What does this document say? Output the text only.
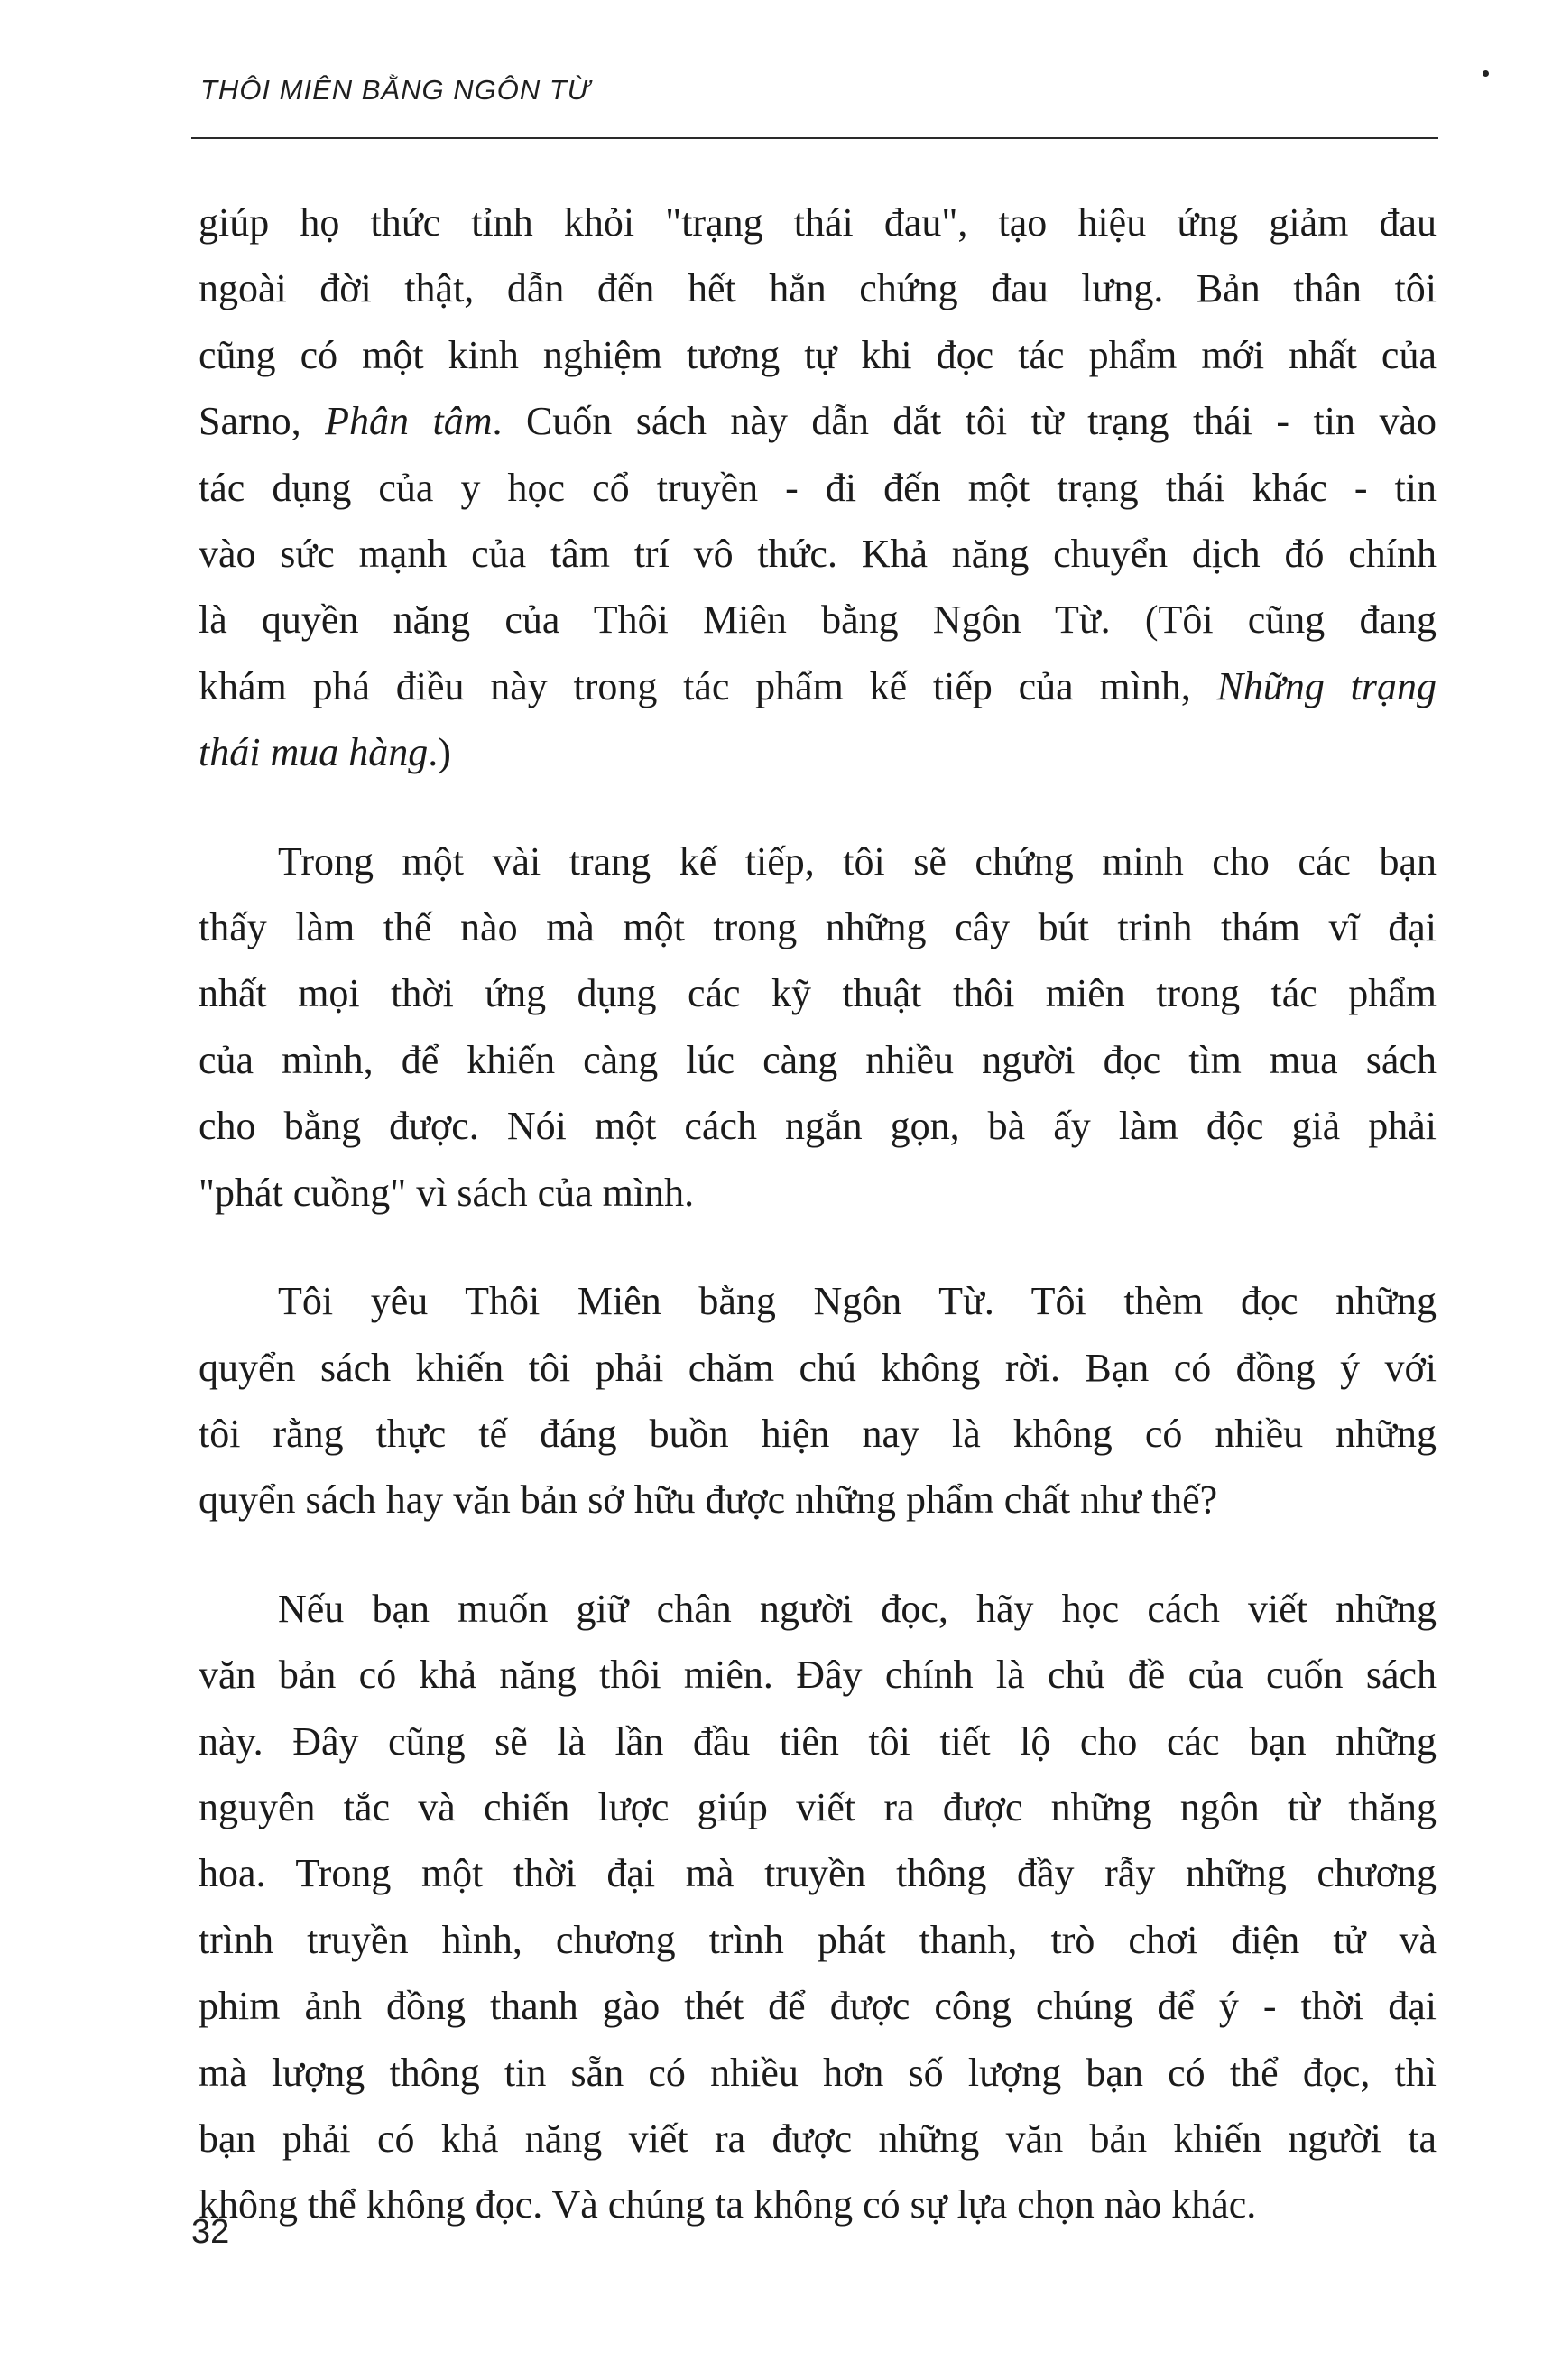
THÔI MIÊN BẰNG NGÔN TỪ

giúp họ thức tỉnh khỏi "trạng thái đau", tạo hiệu ứng giảm đau
ngoài đời thật, dẫn đến hết hẳn chứng đau lưng. Bản thân tôi
cũng có một kinh nghiệm tương tự khi đọc tác phẩm mới nhất của
Sarno, Phân tâm. Cuốn sách này dẫn dắt tôi từ trạng thái - tin vào
tác dụng của y học cổ truyền - đi đến một trạng thái khác - tin
vào sức mạnh của tâm trí vô thức. Khả năng chuyển dịch đó chính
là quyền năng của Thôi Miên bằng Ngôn Từ. (Tôi cũng đang
khám phá điều này trong tác phẩm kế tiếp của mình, Những trạng
thái mua hàng.)

Trong một vài trang kế tiếp, tôi sẽ chứng minh cho các bạn
thấy làm thế nào mà một trong những cây bút trinh thám vĩ đại
nhất mọi thời ứng dụng các kỹ thuật thôi miên trong tác phẩm
của mình, để khiến càng lúc càng nhiều người đọc tìm mua sách
cho bằng được. Nói một cách ngắn gọn, bà ấy làm độc giả phải
"phát cuồng" vì sách của mình.

Tôi yêu Thôi Miên bằng Ngôn Từ. Tôi thèm đọc những
quyển sách khiến tôi phải chăm chú không rời. Bạn có đồng ý với
tôi rằng thực tế đáng buồn hiện nay là không có nhiều những
quyển sách hay văn bản sở hữu được những phẩm chất như thế?

Nếu bạn muốn giữ chân người đọc, hãy học cách viết những
văn bản có khả năng thôi miên. Đây chính là chủ đề của cuốn sách
này. Đây cũng sẽ là lần đầu tiên tôi tiết lộ cho các bạn những
nguyên tắc và chiến lược giúp viết ra được những ngôn từ thăng
hoa. Trong một thời đại mà truyền thông đầy rẫy những chương
trình truyền hình, chương trình phát thanh, trò chơi điện tử và
phim ảnh đồng thanh gào thét để được công chúng để ý - thời đại
mà lượng thông tin sẵn có nhiều hơn số lượng bạn có thể đọc, thì
bạn phải có khả năng viết ra được những văn bản khiến người ta
không thể không đọc. Và chúng ta không có sự lựa chọn nào khác.

32
